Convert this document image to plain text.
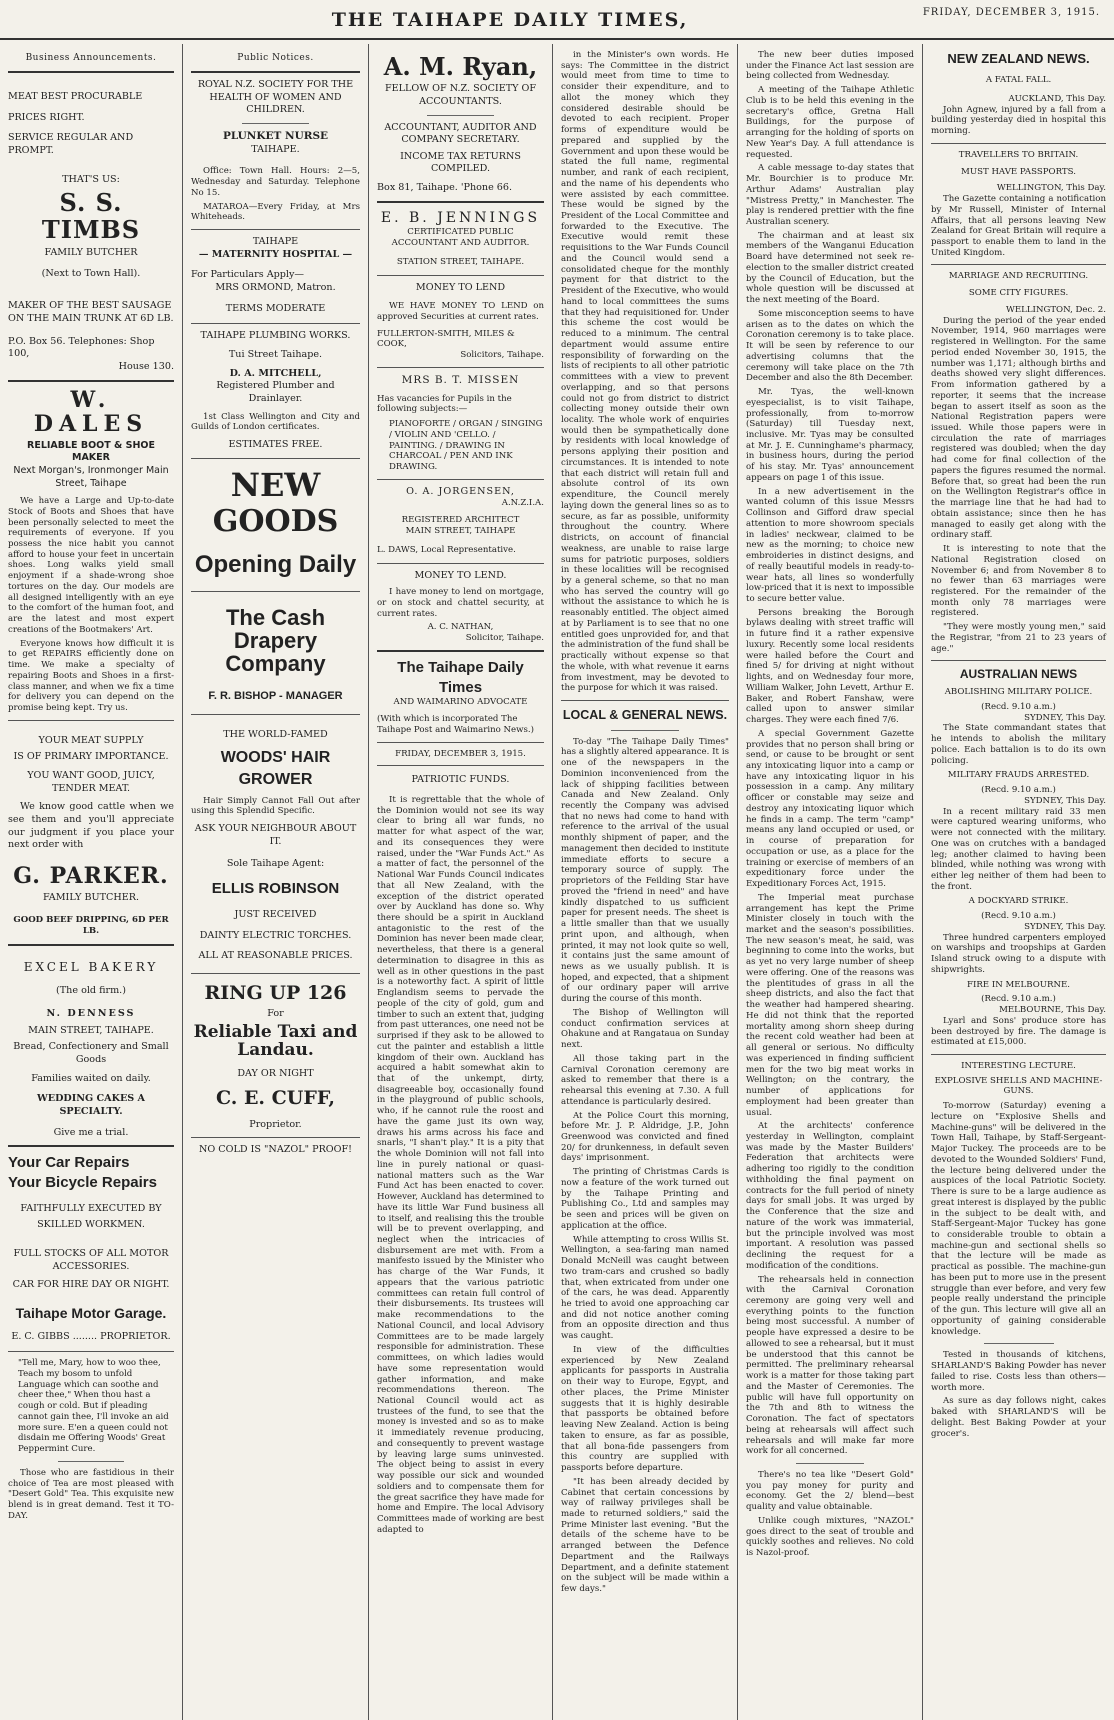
THE TAIHAPE DAILY TIMES,	FRIDAY, DECEMBER 3, 1915.
Business Announcements.
MEAT BEST PROCURABLE
PRICES RIGHT.
SERVICE REGULAR AND PROMPT.
THAT'S US:
S. S. TIMBS
FAMILY BUTCHER
(Next to Town Hall).
MAKER OF THE BEST SAUSAGE ON THE MAIN TRUNK AT 6D LB.
P.O. Box 56. Telephones: Shop 100,
House 130.
W. DALES
RELIABLE BOOT & SHOE MAKER
Next Morgan's, Ironmonger Main Street, Taihape

We have a Large and Up-to-date Stock of Boots and Shoes that have been personally selected to meet the requirements of everyone. If you possess the nice habit you cannot afford to house your feet in uncertain shoes. Long walks yield small enjoyment if a shade-wrong shoe tortures on the day. Our models are all designed intelligently with an eye to the comfort of the human foot, and are the latest and most expert creations of the Bootmakers' Art.

Everyone knows how difficult it is to get REPAIRS efficiently done on time. We make a specialty of repairing Boots and Shoes in a first-class manner, and when we fix a time for delivery you can depend on the promise being kept. Try us.

YOUR MEAT SUPPLY
IS OF PRIMARY IMPORTANCE.
YOU WANT GOOD, JUICY, TENDER MEAT.

We know good cattle when we see them and you'll appreciate our judgment if you place your next order with

G. PARKER.
FAMILY BUTCHER.
GOOD BEEF DRIPPING, 6D PER LB.
EXCEL BAKERY
(The old firm.)
N. DENNESS
MAIN STREET, TAIHAPE.
Bread, Confectionery and Small Goods
Families waited on daily.
WEDDING CAKES A SPECIALTY.
Give me a trial.
Your Car Repairs
Your Bicycle Repairs
FAITHFULLY EXECUTED BY
SKILLED WORKMEN.
FULL STOCKS OF ALL MOTOR ACCESSORIES.
CAR FOR HIRE DAY OR NIGHT.
Taihape Motor Garage.
E. C. GIBBS ........ PROPRIETOR.

"Tell me, Mary, how to woo thee, Teach my bosom to unfold Language which can soothe and cheer thee," When thou hast a cough or cold. But if pleading cannot gain thee, I'll invoke an aid more sure. E'en a queen could not disdain me Offering Woods' Great Peppermint Cure.

Those who are fastidious in their choice of Tea are most pleased with "Desert Gold" Tea. This exquisite new blend is in great demand. Test it TO-DAY.

Public Notices.
ROYAL N.Z. SOCIETY FOR THE HEALTH OF WOMEN AND CHILDREN.
PLUNKET NURSE
TAIHAPE.

Office: Town Hall. Hours: 2—5, Wednesday and Saturday. Telephone No 15.

MATAROA—Every Friday, at Mrs Whiteheads.

TAIHAPE
— MATERNITY HOSPITAL —
For Particulars Apply—
MRS ORMOND, Matron.
TERMS MODERATE
TAIHAPE PLUMBING WORKS.
Tui Street Taihape.
D. A. MITCHELL,
Registered Plumber and Drainlayer.

1st Class Wellington and City and Guilds of London certificates.

ESTIMATES FREE.
NEW
GOODS
Opening Daily
The Cash Drapery Company
F. R. BISHOP - MANAGER
THE WORLD-FAMED
WOODS' HAIR GROWER

Hair Simply Cannot Fall Out after using this Splendid Specific.

ASK YOUR NEIGHBOUR ABOUT IT.
Sole Taihape Agent:
ELLIS ROBINSON
JUST RECEIVED
DAINTY ELECTRIC TORCHES.
ALL AT REASONABLE PRICES.
RING UP 126
For
Reliable Taxi and Landau.
DAY OR NIGHT
C. E. CUFF,
Proprietor.
NO COLD IS "NAZOL" PROOF!
A. M. Ryan,
FELLOW OF N.Z. SOCIETY OF ACCOUNTANTS.
ACCOUNTANT, AUDITOR AND COMPANY SECRETARY.
INCOME TAX RETURNS COMPILED.
Box 81, Taihape. 'Phone 66.
E. B. JENNINGS
CERTIFICATED PUBLIC ACCOUNTANT AND AUDITOR.
STATION STREET, TAIHAPE.
MONEY TO LEND

WE HAVE MONEY TO LEND on approved Securities at current rates.

FULLERTON-SMITH, MILES & COOK,
Solicitors, Taihape.
MRS B. T. MISSEN

Has vacancies for Pupils in the following subjects:—

PIANOFORTE / ORGAN / SINGING / VIOLIN AND 'CELLO. / PAINTING. / DRAWING IN CHARCOAL / PEN AND INK DRAWING.

O. A. JORGENSEN,
A.N.Z.I.A.
REGISTERED ARCHITECT
MAIN STREET, TAIHAPE
L. DAWS, Local Representative.
MONEY TO LEND.

I have money to lend on mortgage, or on stock and chattel security, at current rates.

A. C. NATHAN,
Solicitor, Taihape.
The Taihape Daily Times
AND WAIMARINO ADVOCATE

(With which is incorporated The Taihape Post and Waimarino News.)

FRIDAY, DECEMBER 3, 1915.
PATRIOTIC FUNDS.

It is regrettable that the whole of the Dominion would not see its way clear to bring all war funds, no matter for what aspect of the war, and its consequences they were raised, under the "War Funds Act." As a matter of fact, the personnel of the National War Funds Council indicates that all New Zealand, with the exception of the district operated over by Auckland has done so. Why there should be a spirit in Auckland antagonistic to the rest of the Dominion has never been made clear, nevertheless, that there is a general determination to disagree in this as well as in other questions in the past is a noteworthy fact. A spirit of little Englandism seems to pervade the people of the city of gold, gum and timber to such an extent that, judging from past utterances, one need not be surprised if they ask to be allowed to cut the painter and establish a little kingdom of their own. Auckland has acquired a habit somewhat akin to that of the unkempt, dirty, disagreeable boy, occasionally found in the playground of public schools, who, if he cannot rule the roost and have the game just its own way, draws his arms across his face and snarls, "I shan't play." It is a pity that the whole Dominion will not fall into line in purely national or quasi-national matters such as the War Fund Act has been enacted to cover. However, Auckland has determined to have its little War Fund business all to itself, and realising this the trouble will be to prevent overlapping, and neglect when the intricacies of disbursement are met with. From a manifesto issued by the Minister who has charge of the War Funds, it appears that the various patriotic committees can retain full control of their disbursements. Its trustees will make recommendations to the National Council, and local Advisory Committees are to be made largely responsible for administration. These committees, on which ladies would have some representation would gather information, and make recommendations thereon. The National Council would act as trustees of the fund, to see that the money is invested and so as to make it immediately revenue producing, and consequently to prevent wastage by leaving large sums uninvested. The object being to assist in every way possible our sick and wounded soldiers and to compensate them for the great sacrifice they have made for home and Empire. The local Advisory Committees made of working are best adapted to

in the Minister's own words. He says: The Committee in the district would meet from time to time to consider their expenditure, and to allot the money which they considered desirable should be devoted to each recipient. Proper forms of expenditure would be prepared and supplied by the Government and upon these would be stated the full name, regimental number, and rank of each recipient, and the name of his dependents who were assisted by each committee. These would be signed by the President of the Local Committee and forwarded to the Executive. The Executive would remit these requisitions to the War Funds Council and the Council would send a consolidated cheque for the monthly payment for that district to the President of the Executive, who would hand to local committees the sums that they had requisitioned for. Under this scheme the cost would be reduced to a minimum. The central department would assume entire responsibility of forwarding on the lists of recipients to all other patriotic committees with a view to prevent overlapping, and so that persons could not go from district to district collecting money outside their own locality. The whole work of enquiries would then be sympathetically done by residents with local knowledge of persons applying their position and circumstances. It is intended to note that each district will retain full and absolute control of its own expenditure, the Council merely laying down the general lines so as to secure, as far as possible, uniformity throughout the country. Where districts, on account of financial weakness, are unable to raise large sums for patriotic purposes, soldiers in these localities will be recognised by a general scheme, so that no man who has served the country will go without the assistance to which he is reasonably entitled. The object aimed at by Parliament is to see that no one entitled goes unprovided for, and that the administration of the fund shall be practically without expense so that the whole, with what revenue it earns from investment, may be devoted to the purpose for which it was raised.

LOCAL & GENERAL NEWS.

To-day "The Taihape Daily Times" has a slightly altered appearance. It is one of the newspapers in the Dominion inconvenienced from the lack of shipping facilities between Canada and New Zealand. Only recently the Company was advised that no news had come to hand with reference to the arrival of the usual monthly shipment of paper, and the management then decided to institute immediate efforts to secure a temporary source of supply. The proprietors of the Feilding Star have proved the "friend in need" and have kindly dispatched to us sufficient paper for present needs. The sheet is a little smaller than that we usually print upon, and although, when printed, it may not look quite so well, it contains just the same amount of news as we usually publish. It is hoped, and expected, that a shipment of our ordinary paper will arrive during the course of this month.

The Bishop of Wellington will conduct confirmation services at Ohakune and at Rangataua on Sunday next.

All those taking part in the Carnival Coronation ceremony are asked to remember that there is a rehearsal this evening at 7.30. A full attendance is particularly desired.

At the Police Court this morning, before Mr. J. P. Aldridge, J.P., John Greenwood was convicted and fined 20/ for drunkenness, in default seven days' imprisonment.

The printing of Christmas Cards is now a feature of the work turned out by the Taihape Printing and Publishing Co., Ltd and samples may be seen and prices will be given on application at the office.

While attempting to cross Willis St. Wellington, a sea-faring man named Donald McNeill was caught between two tram-cars and crushed so badly that, when extricated from under one of the cars, he was dead. Apparently he tried to avoid one approaching car and did not notice another coming from an opposite direction and thus was caught.

In view of the difficulties experienced by New Zealand applicants for passports in Australia on their way to Europe, Egypt, and other places, the Prime Minister suggests that it is highly desirable that passports be obtained before leaving New Zealand. Action is being taken to ensure, as far as possible, that all bona-fide passengers from this country are supplied with passports before departure.

"It has been already decided by Cabinet that certain concessions by way of railway privileges shall be made to returned soldiers," said the Prime Minister last evening. "But the details of the scheme have to be arranged between the Defence Department and the Railways Department, and a definite statement on the subject will be made within a few days."

The new beer duties imposed under the Finance Act last session are being collected from Wednesday.

A meeting of the Taihape Athletic Club is to be held this evening in the secretary's office, Gretna Hall Buildings, for the purpose of arranging for the holding of sports on New Year's Day. A full attendance is requested.

A cable message to-day states that Mr. Bourchier is to produce Mr. Arthur Adams' Australian play "Mistress Pretty," in Manchester. The play is rendered prettier with the fine Australian scenery.

The chairman and at least six members of the Wanganui Education Board have determined not seek re-election to the smaller district created by the Council of Education, but the whole question will be discussed at the next meeting of the Board.

Some misconception seems to have arisen as to the dates on which the Coronation ceremony is to take place. It will be seen by reference to our advertising columns that the ceremony will take place on the 7th December and also the 8th December.

Mr. Tyas, the well-known eyespecialist, is to visit Taihape, professionally, from to-morrow (Saturday) till Tuesday next, inclusive. Mr. Tyas may be consulted at Mr. J. E. Cunninghame's pharmacy, in business hours, during the period of his stay. Mr. Tyas' announcement appears on page 1 of this issue.

In a new advertisement in the wanted column of this issue Messrs Collinson and Gifford draw special attention to more showroom specials in ladies' neckwear, claimed to be new as the morning; to choice new embroideries in distinct designs, and of really beautiful models in ready-to-wear hats, all lines so wonderfully low-priced that it is next to impossible to secure better value.

Persons breaking the Borough bylaws dealing with street traffic will in future find it a rather expensive luxury. Recently some local residents were hailed before the Court and fined 5/ for driving at night without lights, and on Wednesday four more, William Walker, John Levett, Arthur E. Baker, and Robert Fanshaw, were called upon to answer similar charges. They were each fined 7/6.

A special Government Gazette provides that no person shall bring or send, or cause to be brought or sent any intoxicating liquor into a camp or have any intoxicating liquor in his possession in a camp. Any military officer or constable may seize and destroy any intoxicating liquor which he finds in a camp. The term "camp" means any land occupied or used, or in course of preparation for occupation or use, as a place for the training or exercise of members of an expeditionary force under the Expeditionary Forces Act, 1915.

The Imperial meat purchase arrangement has kept the Prime Minister closely in touch with the market and the season's possibilities. The new season's meat, he said, was beginning to come into the works, but as yet no very large number of sheep were offering. One of the reasons was the plentitudes of grass in all the sheep districts, and also the fact that the weather had hampered shearing. He did not think that the reported mortality among shorn sheep during the recent cold weather had been at all general or serious. No difficulty was experienced in finding sufficient men for the two big meat works in Wellington; on the contrary, the number of applications for employment had been greater than usual.

At the architects' conference yesterday in Wellington, complaint was made by the Master Builders' Federation that architects were adhering too rigidly to the condition withholding the final payment on contracts for the full period of ninety days for small jobs. It was urged by the Conference that the size and nature of the work was immaterial, but the principle involved was most important. A resolution was passed declining the request for a modification of the conditions.

The rehearsals held in connection with the Carnival Coronation ceremony are going very well and everything points to the function being most successful. A number of people have expressed a desire to be allowed to see a rehearsal, but it must be understood that this cannot be permitted. The preliminary rehearsal work is a matter for those taking part and the Master of Ceremonies. The public will have full opportunity on the 7th and 8th to witness the Coronation. The fact of spectators being at rehearsals will affect such rehearsals and will make far more work for all concerned.

There's no tea like "Desert Gold" you pay money for purity and economy. Get the 2/ blend—best quality and value obtainable.

Unlike cough mixtures, "NAZOL" goes direct to the seat of trouble and quickly soothes and relieves. No cold is Nazol-proof.

NEW ZEALAND NEWS.
A FATAL FALL.
AUCKLAND, This Day.

John Agnew, injured by a fall from a building yesterday died in hospital this morning.

TRAVELLERS TO BRITAIN.
MUST HAVE PASSPORTS.
WELLINGTON, This Day.

The Gazette containing a notification by Mr Russell, Minister of Internal Affairs, that all persons leaving New Zealand for Great Britain will require a passport to enable them to land in the United Kingdom.

MARRIAGE AND RECRUITING.
SOME CITY FIGURES.
WELLINGTON, Dec. 2.

During the period of the year ended November, 1914, 960 marriages were registered in Wellington. For the same period ended November 30, 1915, the number was 1,171; although births and deaths showed very slight differences. From information gathered by a reporter, it seems that the increase began to assert itself as soon as the National Registration papers were issued. While those papers were in circulation the rate of marriages registered was doubled; when the day had come for final collection of the papers the figures resumed the normal. Before that, so great had been the run on the Wellington Registrar's office in the marriage line that he had had to obtain assistance; since then he has managed to easily get along with the ordinary staff.

It is interesting to note that the National Registration closed on November 6; and from November 8 to no fewer than 63 marriages were registered. For the remainder of the month only 78 marriages were registered.

"They were mostly young men," said the Registrar, "from 21 to 23 years of age."

AUSTRALIAN NEWS
ABOLISHING MILITARY POLICE.
(Recd. 9.10 a.m.)
SYDNEY, This Day.

The State commandant states that he intends to abolish the military police. Each battalion is to do its own policing.

MILITARY FRAUDS ARRESTED.
(Recd. 9.10 a.m.)
SYDNEY, This Day.

In a recent military raid 33 men were captured wearing uniforms, who were not connected with the military. One was on crutches with a bandaged leg; another claimed to having been blinded, while nothing was wrong with either leg neither of them had been to the front.

A DOCKYARD STRIKE.
(Recd. 9.10 a.m.)
SYDNEY, This Day.

Three hundred carpenters employed on warships and troopships at Garden Island struck owing to a dispute with shipwrights.

FIRE IN MELBOURNE.
(Recd. 9.10 a.m.)
MELBOURNE, This Day.

Lyarl and Sons' produce store has been destroyed by fire. The damage is estimated at £15,000.

INTERESTING LECTURE.
EXPLOSIVE SHELLS AND MACHINE-GUNS.

To-morrow (Saturday) evening a lecture on "Explosive Shells and Machine-guns" will be delivered in the Town Hall, Taihape, by Staff-Sergeant-Major Tuckey. The proceeds are to be devoted to the Wounded Soldiers' Fund, the lecture being delivered under the auspices of the local Patriotic Society. There is sure to be a large audience as great interest is displayed by the public in the subject to be dealt with, and Staff-Sergeant-Major Tuckey has gone to considerable trouble to obtain a machine-gun and sectional shells so that the lecture will be made as practical as possible. The machine-gun has been put to more use in the present struggle than ever before, and very few people really understand the principle of the gun. This lecture will give all an opportunity of gaining considerable knowledge.

Tested in thousands of kitchens, SHARLAND'S Baking Powder has never failed to rise. Costs less than others—worth more.

As sure as day follows night, cakes baked with SHARLAND'S will be delight. Best Baking Powder at your grocer's.
